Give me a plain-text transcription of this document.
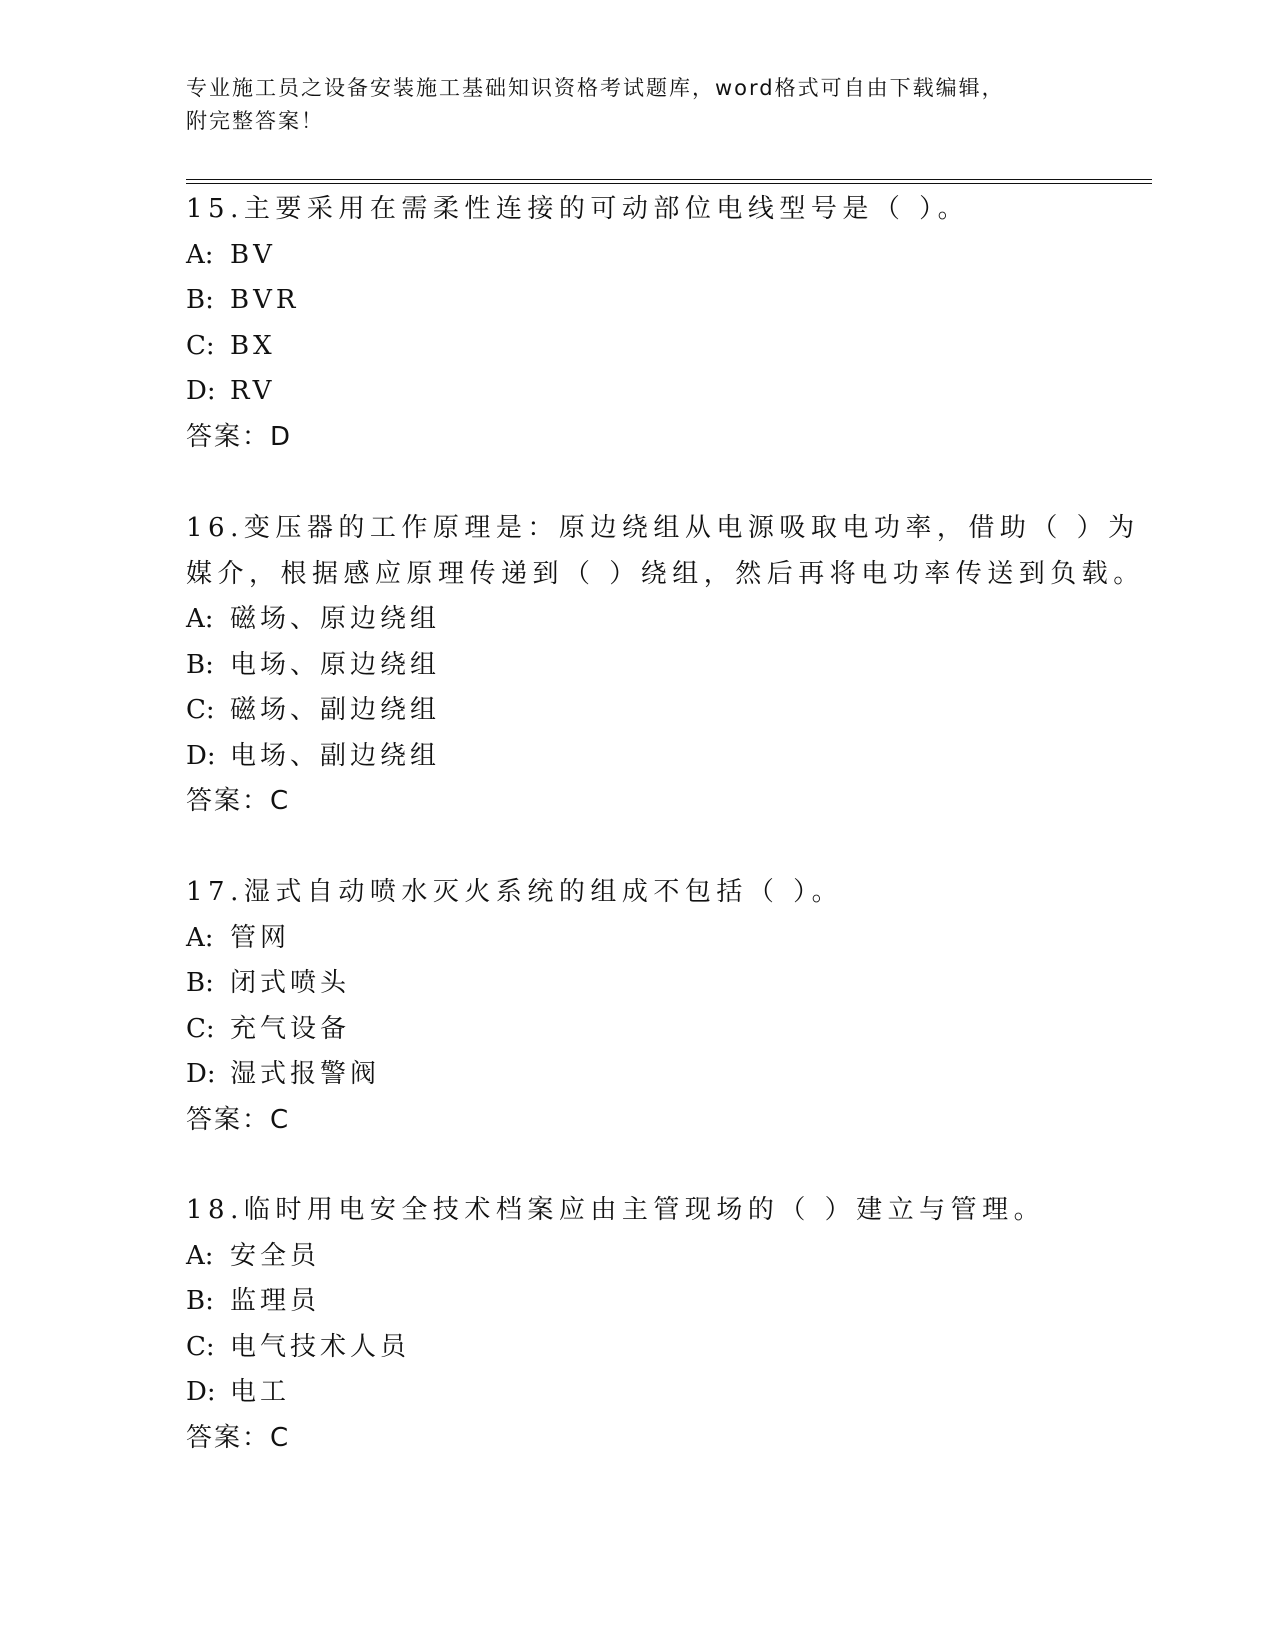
专业施工员之设备安装施工基础知识资格考试题库，word格式可自由下载编辑，
附完整答案！
15.主要采用在需柔性连接的可动部位电线型号是（ ）。
A: BV
B: BVR
C: BX
D: RV
答案：D
16.变压器的工作原理是：原边绕组从电源吸取电功率，借助（ ）为
媒介，根据感应原理传递到（ ）绕组，然后再将电功率传送到负载。
A: 磁场、原边绕组
B: 电场、原边绕组
C: 磁场、副边绕组
D: 电场、副边绕组
答案：C
17.湿式自动喷水灭火系统的组成不包括（ ）。
A: 管网
B: 闭式喷头
C: 充气设备
D: 湿式报警阀
答案：C
18.临时用电安全技术档案应由主管现场的（ ）建立与管理。
A: 安全员
B: 监理员
C: 电气技术人员
D: 电工
答案：C
